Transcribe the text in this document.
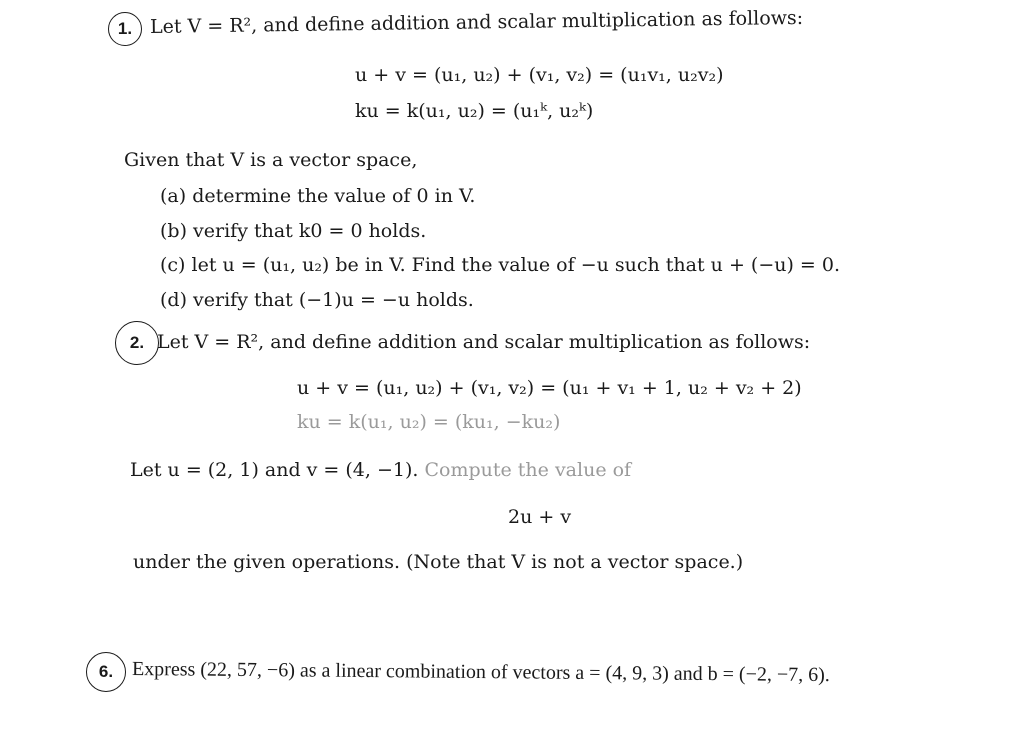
1. Let V = R², and define addition and scalar multiplication as follows:
u + v = (u₁, u₂) + (v₁, v₂) = (u₁v₁, u₂v₂)
ku = k(u₁, u₂) = (u₁ᵏ, u₂ᵏ)
Given that V is a vector space,
(a) determine the value of 0 in V.
(b) verify that k0 = 0 holds.
(c) let u = (u₁, u₂) be in V. Find the value of −u such that u + (−u) = 0.
(d) verify that (−1)u = −u holds.
2. Let V = R², and define addition and scalar multiplication as follows:
u + v = (u₁, u₂) + (v₁, v₂) = (u₁ + v₁ + 1, u₂ + v₂ + 2)
ku = k(u₁, u₂) = (ku₁, −ku₂)
Let u = (2, 1) and v = (4, −1). Compute the value of
2u + v
under the given operations. (Note that V is not a vector space.)
6. Express (22, 57, −6) as a linear combination of vectors a = (4, 9, 3) and b = (−2, −7, 6).
